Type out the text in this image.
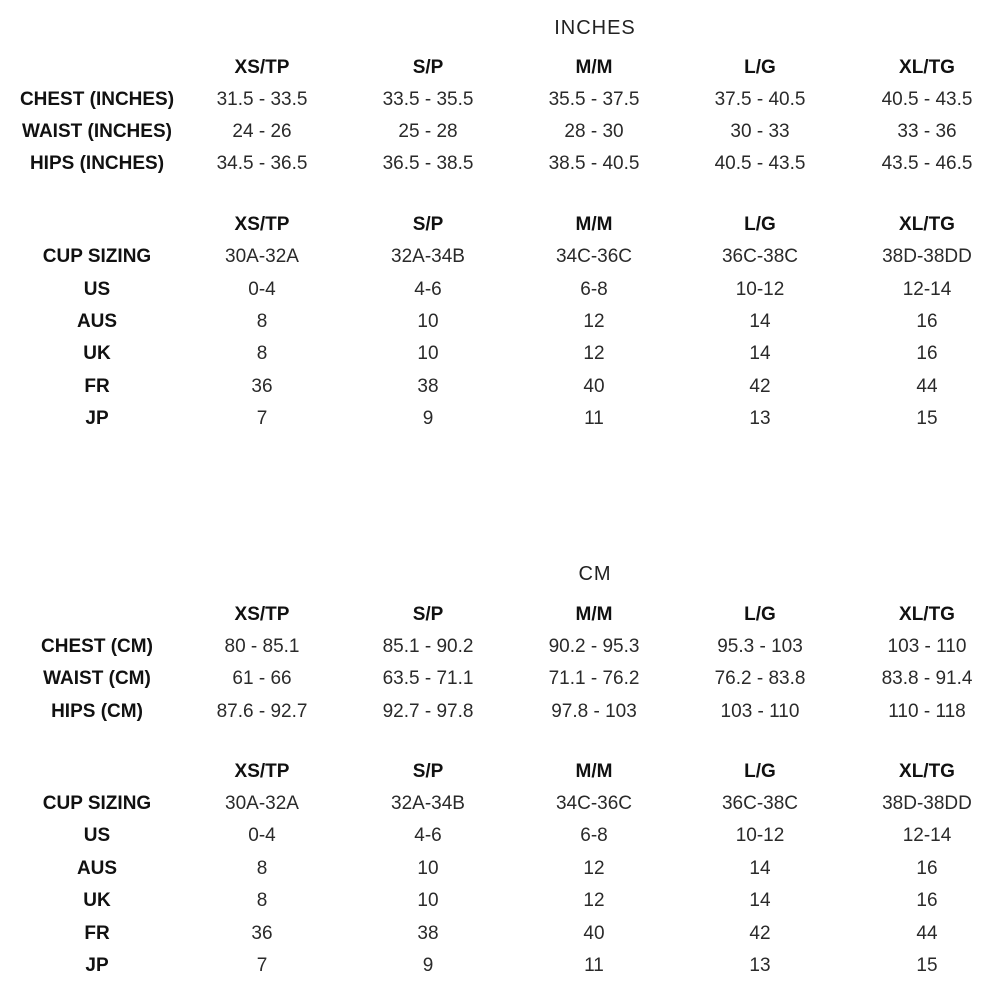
INCHES
XS/TP	S/P	M/M	L/G	XL/TG
CHEST (INCHES) 31.5 - 33.5	33.5 - 35.5	35.5 - 37.5	37.5 - 40.5	40.5 - 43.5
WAIST (INCHES)	24 - 26	25 - 28	28 - 30	30 - 33	33 - 36
HIPS (INCHES)	34.5 - 36.5	36.5 - 38.5	38.5 - 40.5	40.5 - 43.5	43.5 - 46.5
XS/TP	S/P	M/M	L/G	XL/TG
CUP SIZING	30A-32A	32A-34B	34C-36C	36C-38C	38D-38DD
US	0-4	4-6	6-8	10-12	12-14
AUS	8	10	12	14	16
UK	8	10	12	14	16
FR	36	38	40	42	44
JP	7	9	11	13	15
CM
XS/TP	S/P	M/M	L/G	XL/TG
CHEST (CM)	80 - 85.1	85.1 - 90.2	90.2 - 95.3	95.3 - 103	103 - 110
WAIST (CM)	61 - 66	63.5 - 71.1	71.1 - 76.2	76.2 - 83.8	83.8 - 91.4
HIPS (CM)	87.6 - 92.7	92.7 - 97.8	97.8 - 103	103 - 110	110 - 118
XS/TP	S/P	M/M	L/G	XL/TG
CUP SIZING	30A-32A	32A-34B	34C-36C	36C-38C	38D-38DD
US	0-4	4-6	6-8	10-12	12-14
AUS	8	10	12	14	16
UK	8	10	12	14	16
FR	36	38	40	42	44
JP	7	9	11	13	15
